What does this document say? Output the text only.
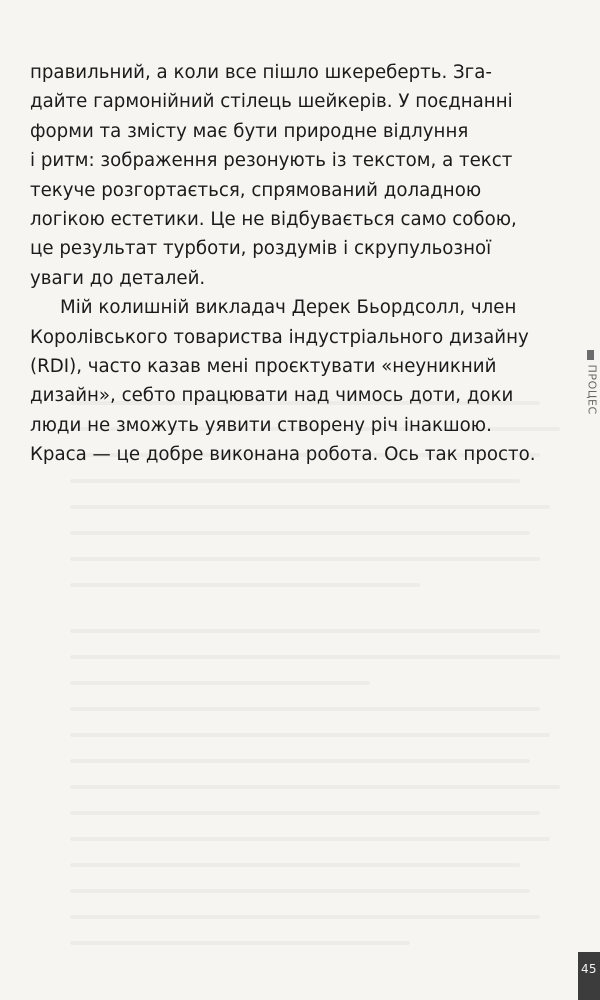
правильний, а коли все пішло шкереберть. Зга-
дайте гармонійний стілець шейкерів. У поєднанні
форми та змісту має бути природне відлуння
і ритм: зображення резонують із текстом, а текст
текуче розгортається, спрямований доладною
логікою естетики. Це не відбувається само собою,
це результат турботи, роздумів і скрупульозної
уваги до деталей.

Мій колишній викладач Дерек Бьордсолл, член
Королівського товариства індустріального дизайну
(RDI), часто казав мені проєктувати «неуникний
дизайн», себто працювати над чимось доти, доки
люди не зможуть уявити створену річ інакшою.
Краса — це добре виконана робота. Ось так просто.

ПРОЦЕС
45
